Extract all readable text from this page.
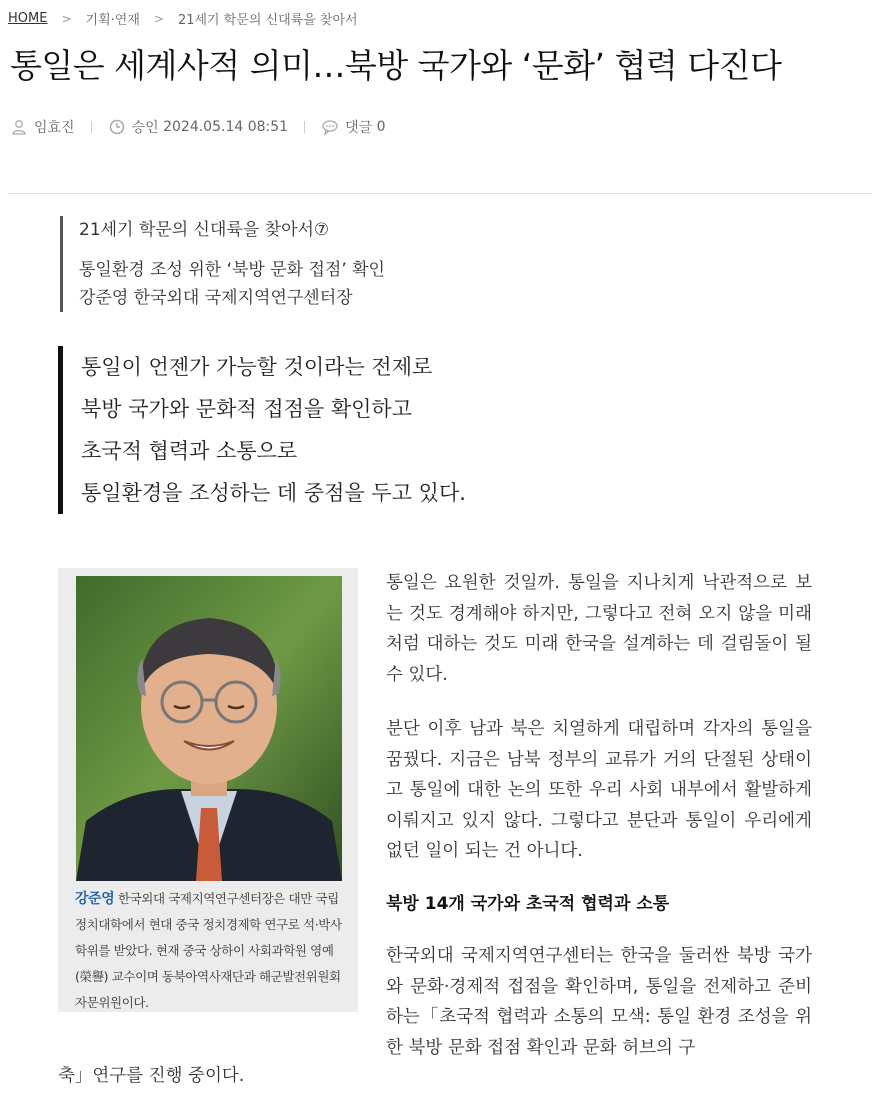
HOME > 기획·연재 > 21세기 학문의 신대륙을 찾아서
통일은 세계사적 의미…북방 국가와 ‘문화’ 협력 다진다
임효진	승인
2024.05.14 08:51	댓글
0
21세기 학문의 신대륙을 찾아서⑦
통일환경 조성 위한 ‘북방 문화 접점’ 확인
강준영 한국외대 국제지역연구센터장
통일이 언젠가 가능할 것이라는 전제로
북방 국가와 문화적 접점을 확인하고
초국적 협력과 소통으로
통일환경을 조성하는 데 중점을 두고 있다.
강준영 한국외대 국제지역연구센터장은 대만 국립정치대학에서 현대 중국 정치경제학 연구로 석·박사 학위를 받았다. 현재 중국 상하이 사회과학원 영예(榮譽) 교수이며 동북아역사재단과 해군발전위원회 자문위원이다.

통일은 요원한 것일까. 통일을 지나치게 낙관적으로 보는 것도 경계해야 하지만, 그렇다고 전혀 오지 않을 미래처럼 대하는 것도 미래 한국을 설계하는 데 걸림돌이 될 수 있다.

분단 이후 남과 북은 치열하게 대립하며 각자의 통일을 꿈꿨다. 지금은 남북 정부의 교류가 거의 단절된 상태이고 통일에 대한 논의 또한 우리 사회 내부에서 활발하게 이뤄지고 있지 않다. 그렇다고 분단과 통일이 우리에게 없던 일이 되는 건 아니다.

북방 14개 국가와 초국적 협력과 소통

한국외대 국제지역연구센터는 한국을 둘러싼 북방 국가와 문화·경제적 접점을 확인하며, 통일을 전제하고 준비하는「초국적 협력과 소통의 모색: 통일 환경 조성을 위한 북방 문화 접점 확인과 문화 허브의 구

축」연구를 진행 중이다.
